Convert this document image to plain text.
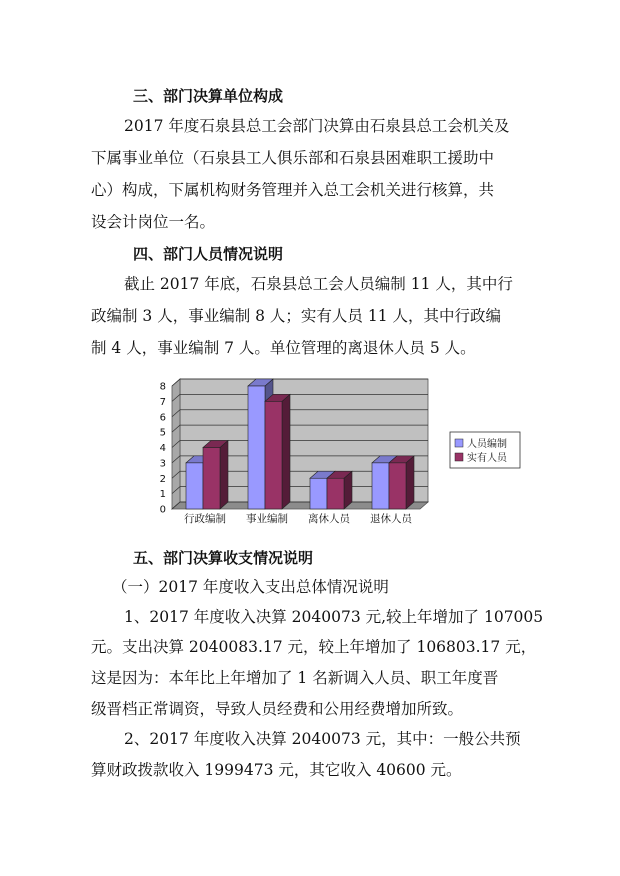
三、部门决算单位构成
2017 年度石泉县总工会部门决算由石泉县总工会机关及
下属事业单位（石泉县工人俱乐部和石泉县困难职工援助中
心）构成，下属机构财务管理并入总工会机关进行核算，共
设会计岗位一名。
四、部门人员情况说明
截止 2017 年底，石泉县总工会人员编制 11 人，其中行
政编制 3 人，事业编制 8 人；实有人员 11 人，其中行政编
制 4 人，事业编制 7 人。单位管理的离退休人员 5 人。
0
1
2
3
4
5
6
7
8
行政编制 事业编制 离休人员 退休人员
人员编制
实有人员
五、部门决算收支情况说明
（一）2017 年度收入支出总体情况说明
1、2017 年度收入决算 2040073 元,较上年增加了 107005
元。支出决算 2040083.17 元，较上年增加了 106803.17 元，
这是因为：本年比上年增加了 1 名新调入人员、职工年度晋
级晋档正常调资，导致人员经费和公用经费增加所致。
2、2017 年度收入决算 2040073 元，其中：一般公共预
算财政拨款收入 1999473 元，其它收入 40600 元。
